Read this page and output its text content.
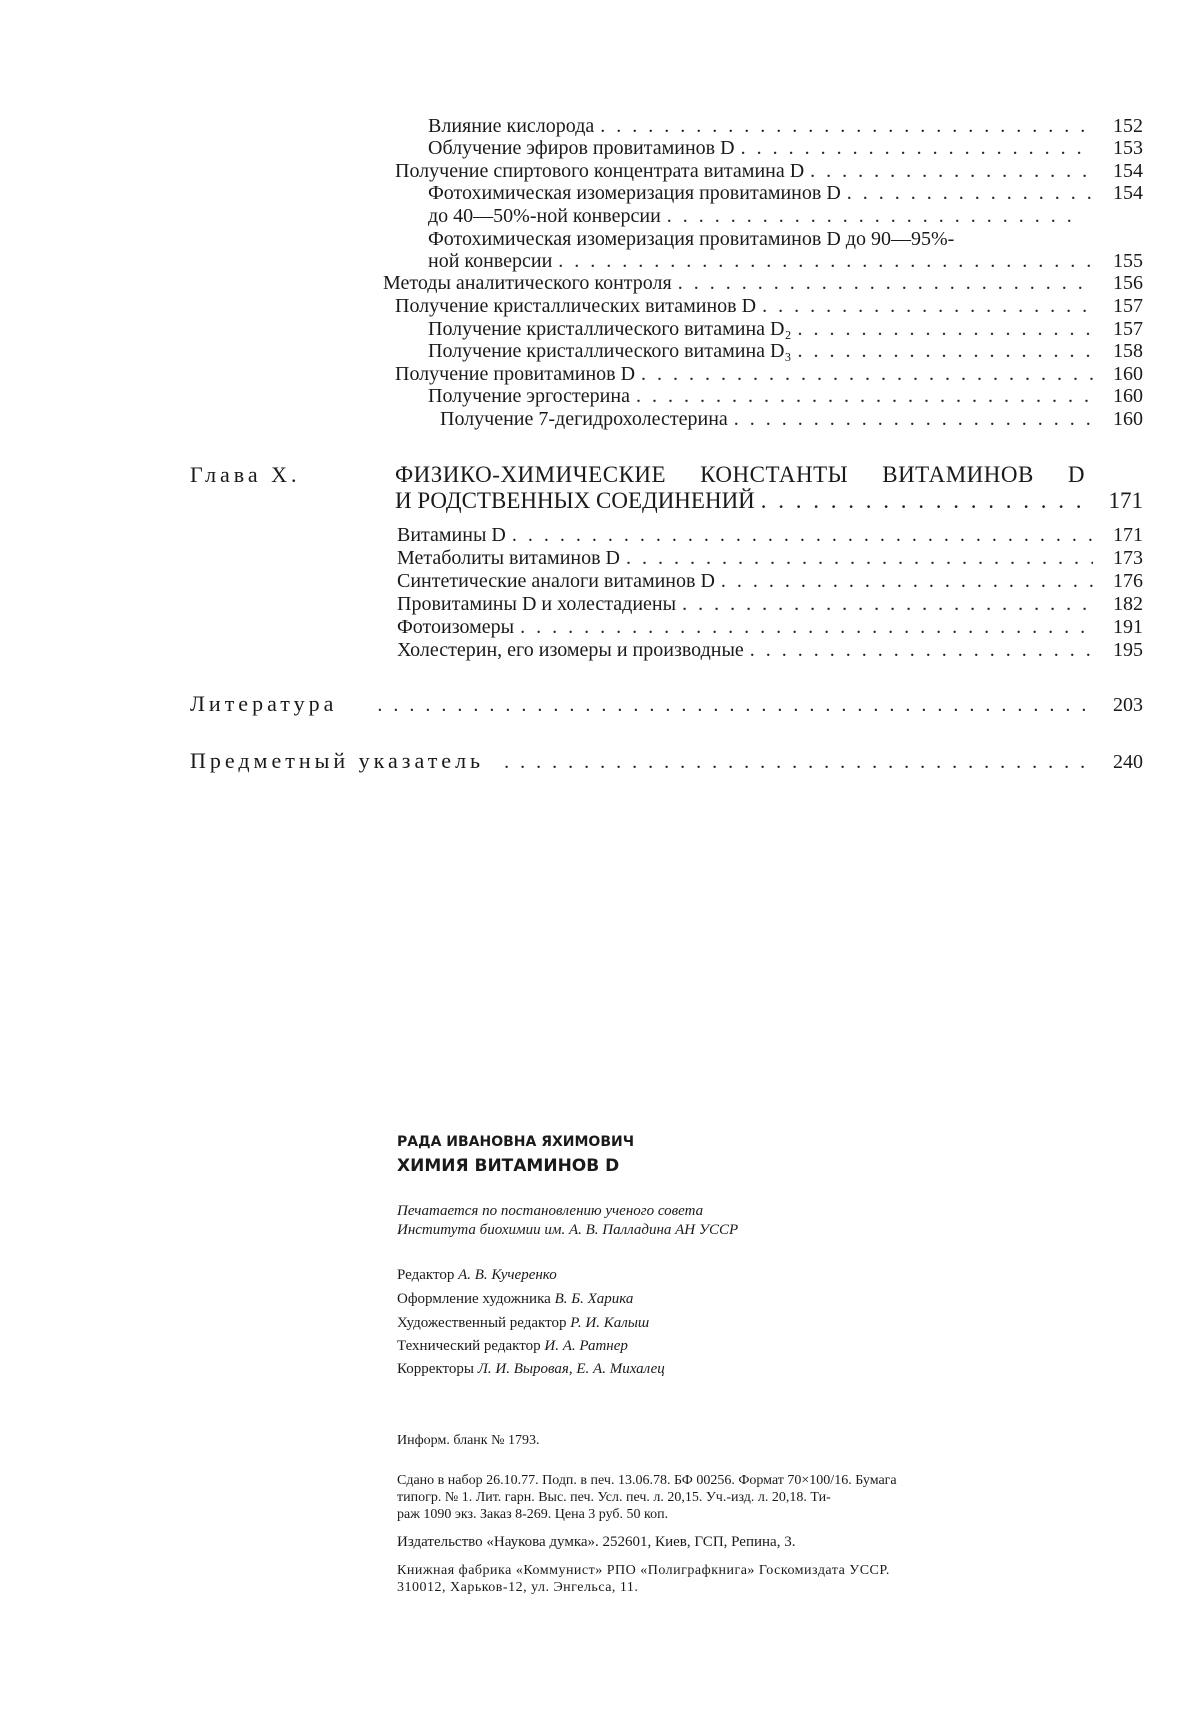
Влияние кислорода . . .	152
Облучение эфиров провитаминов D . . .	153
Получение спиртового концентрата витамина D . . .	154
Фотохимическая изомеризация провитаминов D . . .	154
до 40—50%-ной конверсии
. . .
Фотохимическая изомеризация провитаминов D до 90—95%-
ной конверсии . . .	155
Методы аналитического контроля . . .	156
Получение кристаллических витаминов D . . .	157
Получение кристаллического витамина D₂ . . .	157
Получение кристаллического витамина D₃ . . .	158
Получение провитаминов D . . .	160
Получение эргостерина . . .	160
Получение 7-дегидрохолестерина . . .	160
Глава X.	ФИЗИКО-ХИМИЧЕСКИЕ КОНСТАНТЫ ВИТАМИНОВ D
И РОДСТВЕННЫХ СОЕДИНЕНИЙ . . .	171
Витамины D . . .	171
Метаболиты витаминов D . . .	173
Синтетические аналоги витаминов D . . .	176
Провитамины D и холестадиены . . .	182
Фотоизомеры . . .	191
Холестерин, его изомеры и производные . . .	195
Литература . . .	203
Предметный указатель . . .	240
РАДА ИВАНОВНА ЯХИМОВИЧ
ХИМИЯ ВИТАМИНОВ D
Печатается по постановлению ученого совета
Института биохимии им. А. В. Палладина АН УССР
Редактор А. В. Кучеренко
Оформление художника В. Б. Харика
Художественный редактор Р. И. Калыш
Технический редактор И. А. Ратнер
Корректоры Л. И. Выровая, Е. А. Михалец
Информ. бланк № 1793.
Сдано в набор 26.10.77. Подп. в печ. 13.06.78. БФ 00256. Формат 70×100/16. Бумага
типогр. № 1. Лит. гарн. Выс. печ. Усл. печ. л. 20,15. Уч.-изд. л. 20,18. Ти-
раж 1090 экз. Заказ 8-269. Цена 3 руб. 50 коп.
Издательство «Наукова думка». 252601, Киев, ГСП, Репина, 3.
Книжная фабрика «Коммунист» РПО «Полиграфкнига» Госкомиздата УССР.
310012, Харьков-12, ул. Энгельса, 11.
